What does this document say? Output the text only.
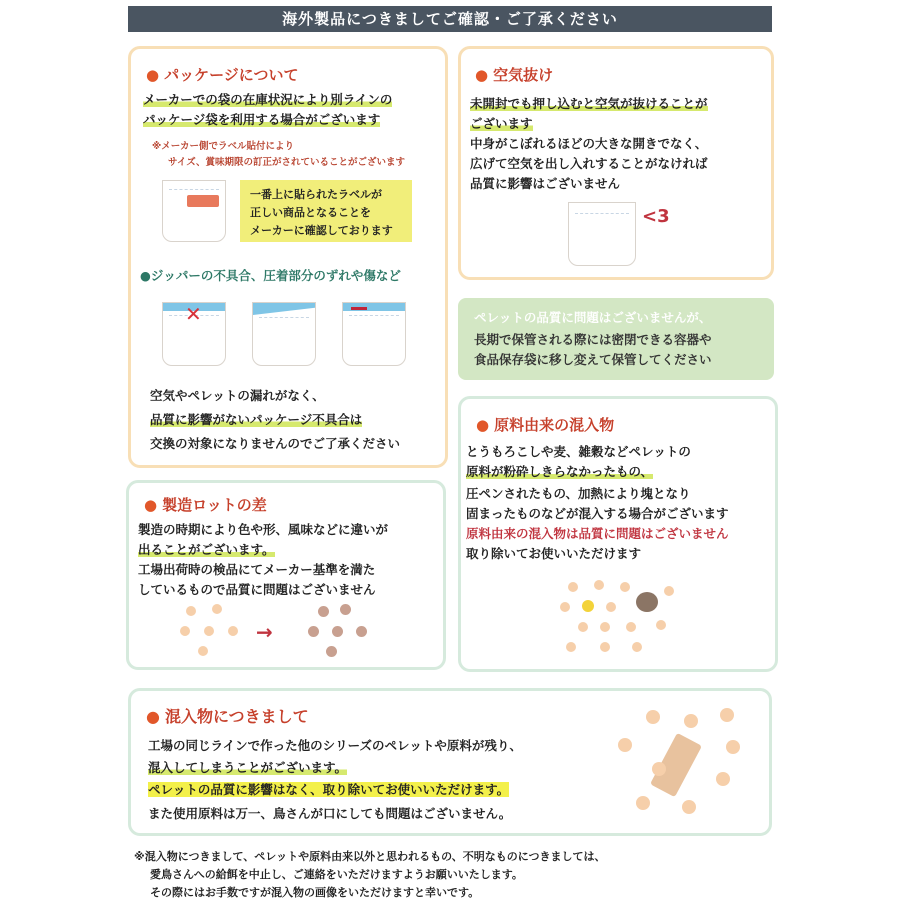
海外製品につきましてご確認・ご了承ください
● パッケージについて
メーカーでの袋の在庫状況により別ラインの
パッケージ袋を利用する場合がございます
※メーカー側でラベル貼付により
サイズ、賞味期限の訂正がされていることがございます
一番上に貼られたラベルが
正しい商品となることを
メーカーに確認しております
●ジッパーの不具合、圧着部分のずれや傷など
✕
空気やペレットの漏れがなく、
品質に影響がないパッケージ不具合は
交換の対象になりませんのでご了承ください
● 空気抜け
未開封でも押し込むと空気が抜けることが
ございます
中身がこぼれるほどの大きな開きでなく、
広げて空気を出し入れすることがなければ
品質に影響はございません
<3
ペレットの品質に問題はございませんが、
長期で保管される際には密閉できる容器や
食品保存袋に移し変えて保管してください
● 原料由来の混入物
とうもろこしや麦、雑穀などペレットの
原料が粉砕しきらなかったもの、
圧ペンされたもの、加熱により塊となり
固まったものなどが混入する場合がございます
原料由来の混入物は品質に問題はございません
取り除いてお使いいただけます
● 製造ロットの差
製造の時期により色や形、風味などに違いが
出ることがございます。
工場出荷時の検品にてメーカー基準を満た
しているもので品質に問題はございません
→
● 混入物につきまして
工場の同じラインで作った他のシリーズのペレットや原料が残り、
混入してしまうことがございます。
ペレットの品質に影響はなく、取り除いてお使いいただけます。
また使用原料は万一、鳥さんが口にしても問題はございません。
※混入物につきまして、ペレットや原料由来以外と思われるもの、不明なものにつきましては、
愛鳥さんへの給餌を中止し、ご連絡をいただけますようお願いいたします。
その際にはお手数ですが混入物の画像をいただけますと幸いです。
